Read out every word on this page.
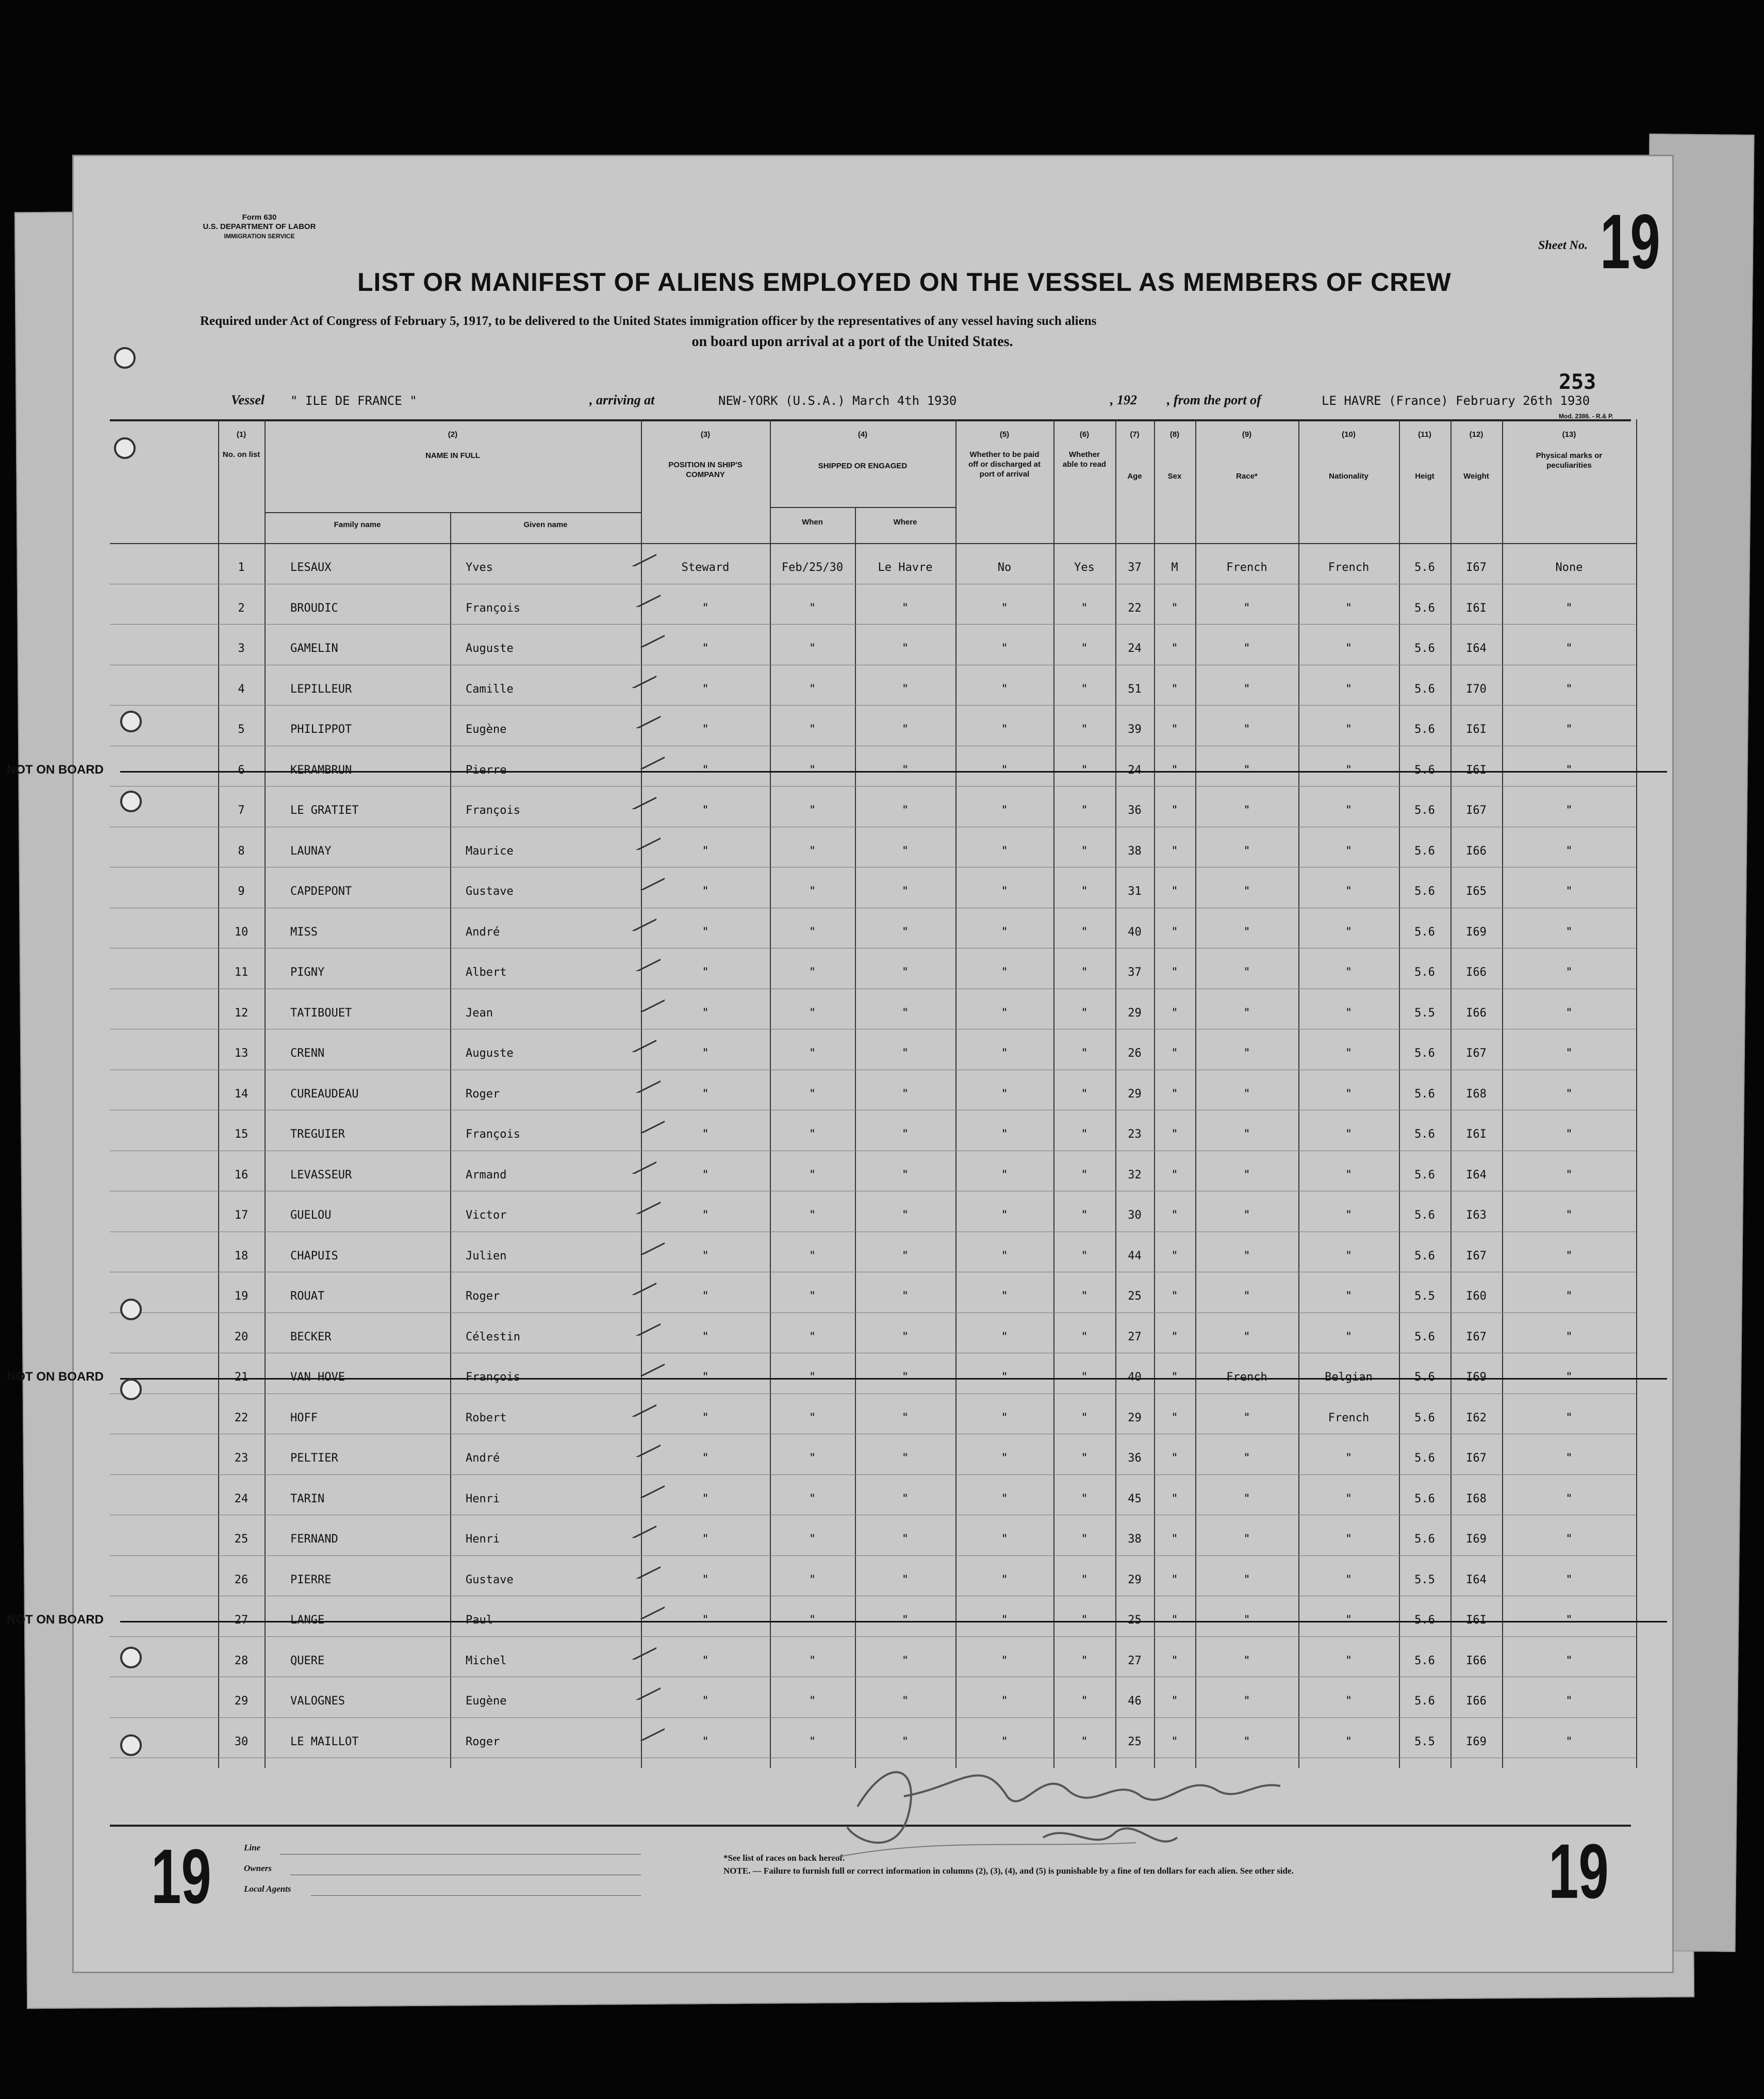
Form 630
U.S. DEPARTMENT OF LABOR
IMMIGRATION SERVICE
Sheet No. 19
LIST OR MANIFEST OF ALIENS EMPLOYED ON THE VESSEL AS MEMBERS OF CREW
Required under Act of Congress of February 5, 1917, to be delivered to the United States immigration officer by the representatives of any vessel having such aliens
on board upon arrival at a port of the United States.
Vessel " ILE DE FRANCE "	, arriving at	NEW-YORK (U.S.A.) March 4th 1930	, 192 , from the port of	LE HAVRE (France) February 26th 1930
253
Mod. 2386. - R.& P.
(1)
No. on list
(2)
NAME IN FULL
Family name	Given name
(3)
POSITION IN SHIP'S COMPANY
(4)
SHIPPED OR ENGAGED
When	Where
(5)
Whether to be paid off or discharged at port of arrival
(6)
Whether able to read
(7)
Age
(8)
Sex
(9)
Race*
(10)
Nationality
(11)
Heigt
(12)
Weight
(13)
Physical marks or peculiarities
1	LESAUX	Yves	Steward	Feb/25/30	Le Havre	No	Yes	37	M	French	French	5.6	I67	None
2	BROUDIC	François	"	"	"	"	"	22	"	"	"	5.6	I6I	"
3	GAMELIN	Auguste	"	"	"	"	"	24	"	"	"	5.6	I64	"
4	LEPILLEUR	Camille	"	"	"	"	"	51	"	"	"	5.6	I70	"
5	PHILIPPOT	Eugène	"	"	"	"	"	39	"	"	"	5.6	I6I	"
6	KERAMBRUN	Pierre	"	"	"	"	"	24	"	"	"	5.6	I6I	"
NOT ON BOARD
7	LE GRATIET	François	"	"	"	"	"	36	"	"	"	5.6	I67	"
8	LAUNAY	Maurice	"	"	"	"	"	38	"	"	"	5.6	I66	"
9	CAPDEPONT	Gustave	"	"	"	"	"	31	"	"	"	5.6	I65	"
10	MISS	André	"	"	"	"	"	40	"	"	"	5.6	I69	"
11	PIGNY	Albert	"	"	"	"	"	37	"	"	"	5.6	I66	"
12	TATIBOUET	Jean	"	"	"	"	"	29	"	"	"	5.5	I66	"
13	CRENN	Auguste	"	"	"	"	"	26	"	"	"	5.6	I67	"
14	CUREAUDEAU	Roger	"	"	"	"	"	29	"	"	"	5.6	I68	"
15	TREGUIER	François	"	"	"	"	"	23	"	"	"	5.6	I6I	"
16	LEVASSEUR	Armand	"	"	"	"	"	32	"	"	"	5.6	I64	"
17	GUELOU	Victor	"	"	"	"	"	30	"	"	"	5.6	I63	"
18	CHAPUIS	Julien	"	"	"	"	"	44	"	"	"	5.6	I67	"
19	ROUAT	Roger	"	"	"	"	"	25	"	"	"	5.5	I60	"
20	BECKER	Célestin	"	"	"	"	"	27	"	"	"	5.6	I67	"
21	VAN HOVE	François	"	"	"	"	"	40	"	French	Belgian	5.6	I69	"
NOT ON BOARD
22	HOFF	Robert	"	"	"	"	"	29	"	"	French	5.6	I62	"
23	PELTIER	André	"	"	"	"	"	36	"	"	"	5.6	I67	"
24	TARIN	Henri	"	"	"	"	"	45	"	"	"	5.6	I68	"
25	FERNAND	Henri	"	"	"	"	"	38	"	"	"	5.6	I69	"
26	PIERRE	Gustave	"	"	"	"	"	29	"	"	"	5.5	I64	"
27	LANGE	Paul	"	"	"	"	"	25	"	"	"	5.6	I6I	"
NOT ON BOARD
28	QUERE	Michel	"	"	"	"	"	27	"	"	"	5.6	I66	"
29	VALOGNES	Eugène	"	"	"	"	"	46	"	"	"	5.6	I66	"
30	LE MAILLOT	Roger	"	"	"	"	"	25	"	"	"	5.5	I69	"
19	19
Line
Owners
Local Agents
*See list of races on back hereof.
NOTE. — Failure to furnish full or correct information in columns (2), (3), (4), and (5) is punishable by a fine of ten dollars for each alien. See other side.
